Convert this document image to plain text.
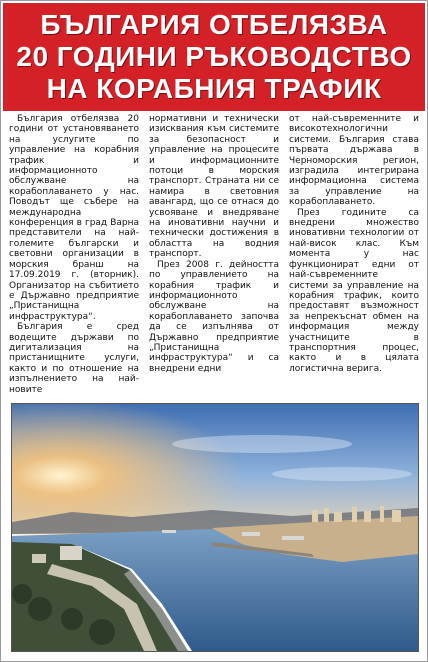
БЪЛГАРИЯ ОТБЕЛЯЗВА
20 ГОДИНИ РЪКОВОДСТВО
НА КОРАБНИЯ ТРАФИК

България отбелязва 20 години от установяването на услугите по управление на корабния трафик и информационното обслужване на корабоплаването у нас. Поводът ще събере на международна конференция в град Варна представители на най-големите български и световни организации в морския бранш на 17.09.2019 г. (вторник). Организатор на събитието е Държавно предприятие „Пристанищна инфраструктура“.

България е сред водещите държави по дигитализация на пристанищните услуги, както и по отношение на изпълнението на най-новите

нормативни и технически изисквания към системите за безопасност и управление на процесите и информационните потоци в морския транспорт. Страната ни се намира в световния авангард, що се отнася до усвояване и внедряване на иновативни научни и технически достижения в областта на водния транспорт.

През 2008 г. дейността по управлението на корабния трафик и информационното обслужване на корабоплаването започва да се изпълнява от Държавно предприятие „Пристанищна инфраструктура“ и са внедрени едни

от най-съвременните и високотехнологични системи. България става първата държава в Черноморския регион, изградила интегрирана информационна система за управление на корабоплаването.

През годините са внедрени множество иновативни технологии от най-висок клас. Към момента у нас функционират едни от най-съвременните системи за управление на корабния трафик, които предоставят възможност за непрекъснат обмен на информация между участниците в транспортния процес, както и в цялата логистична верига.
